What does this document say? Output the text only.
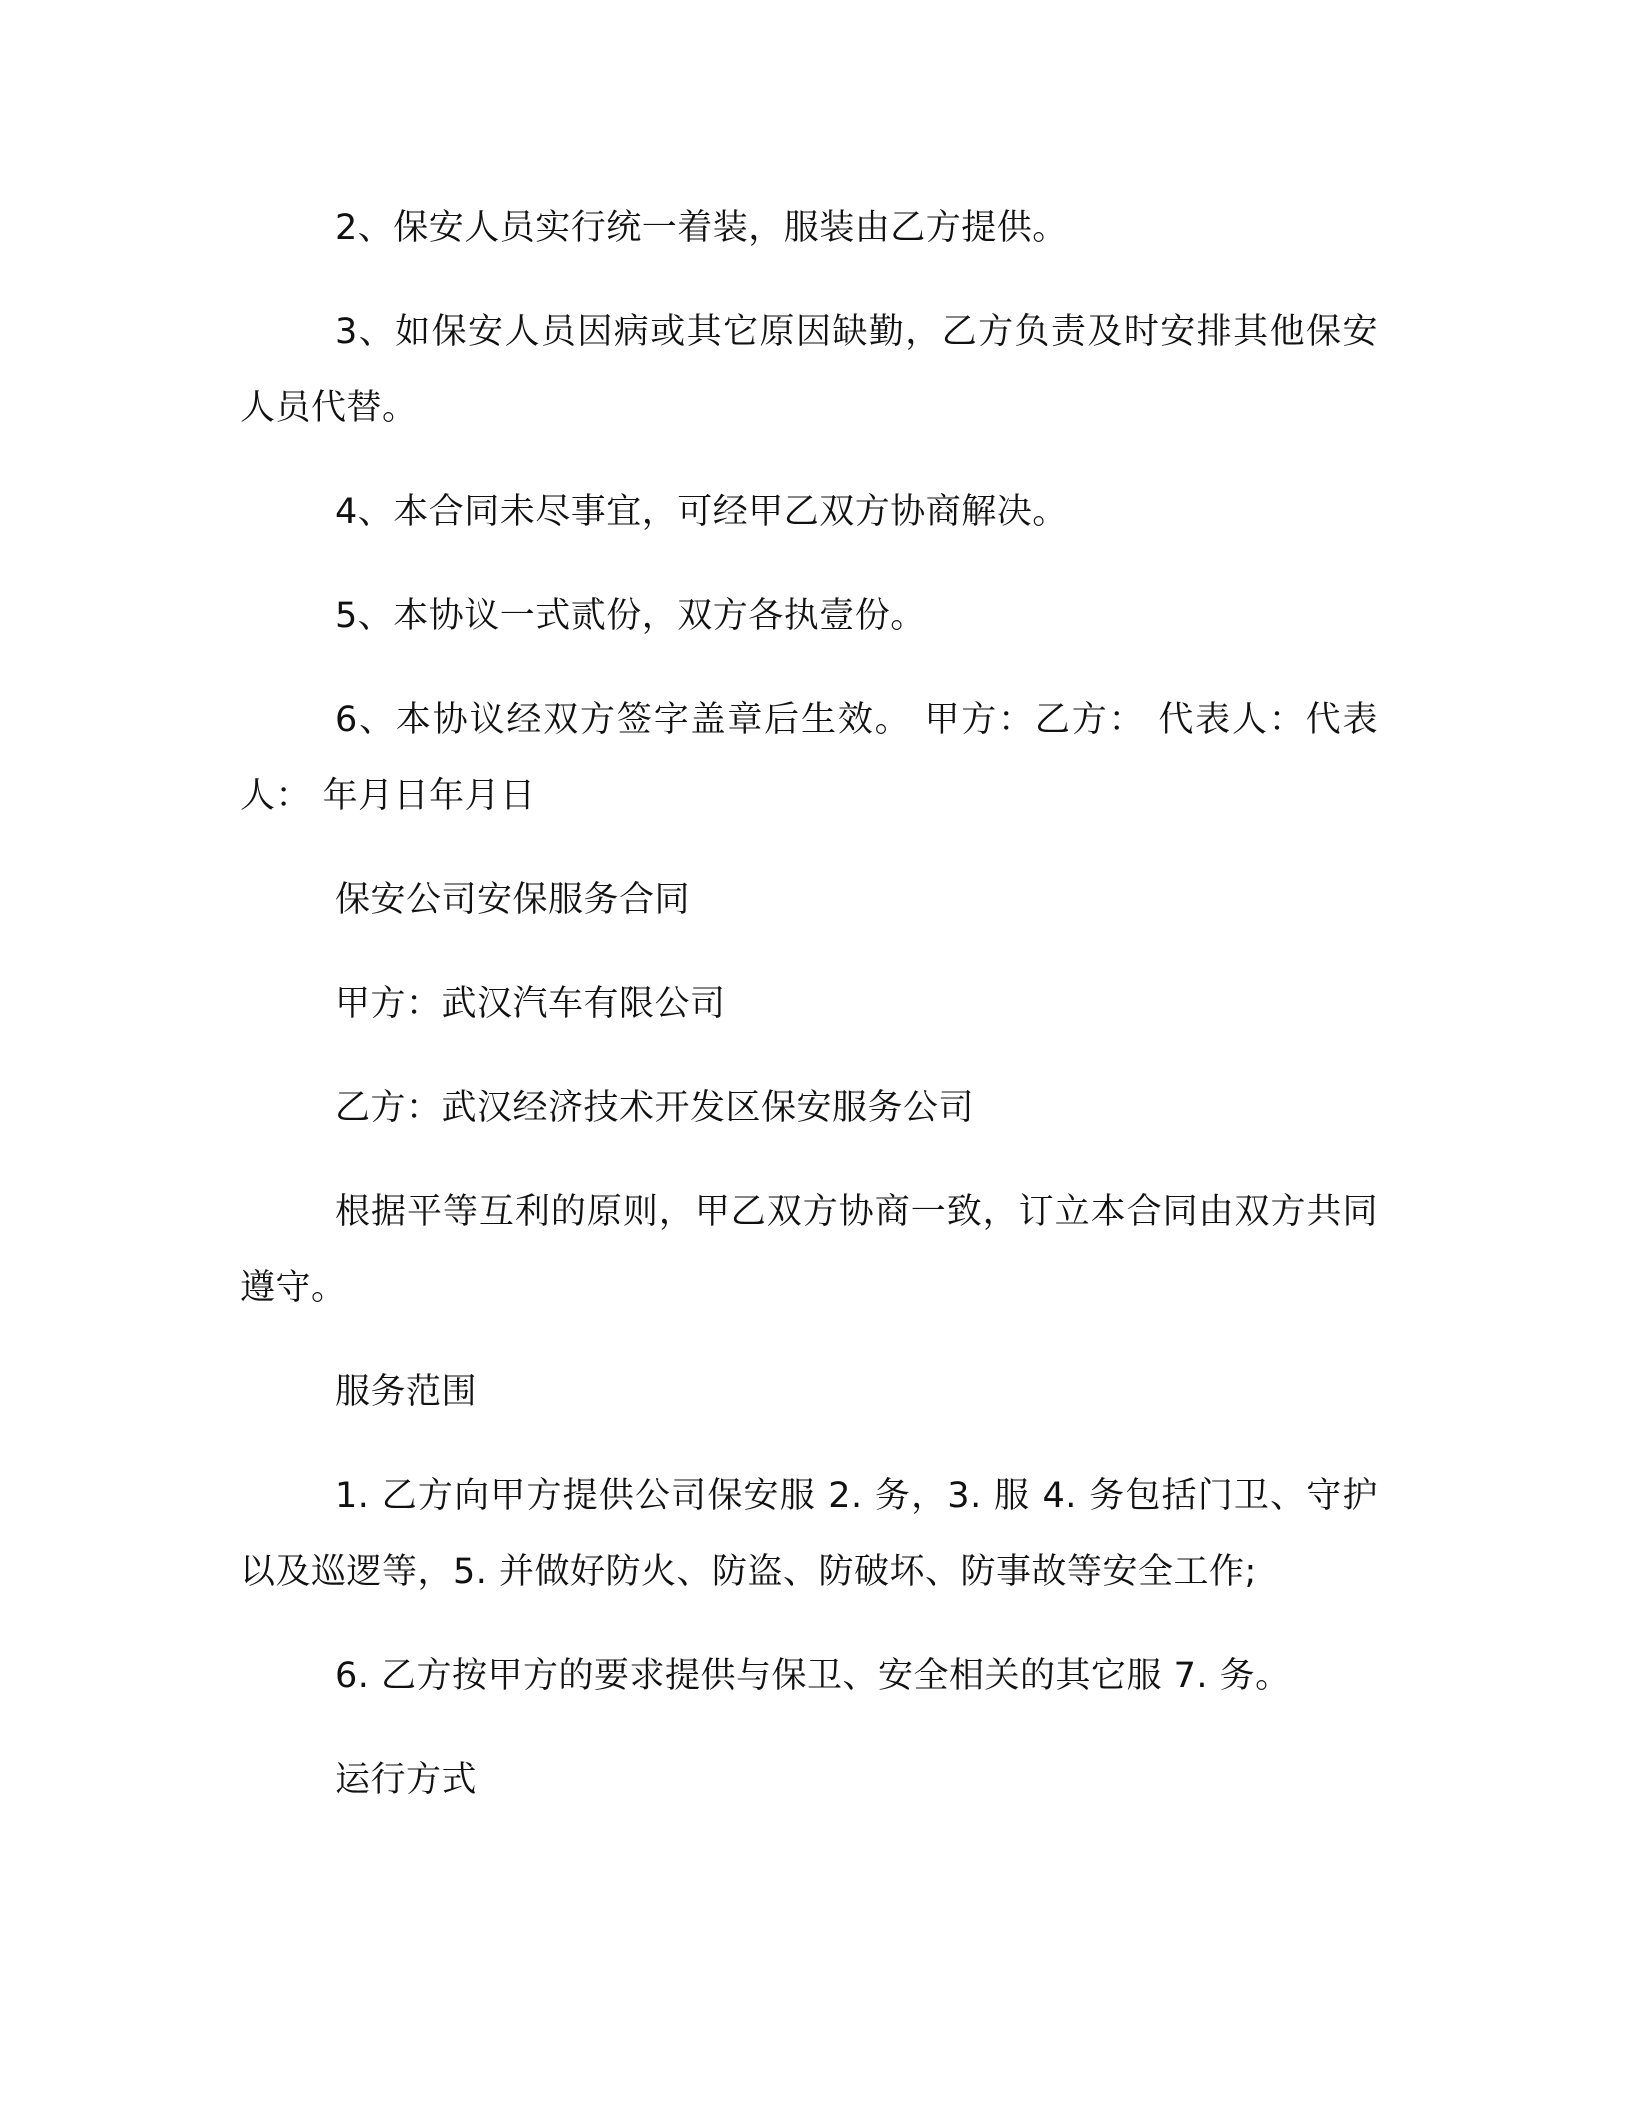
2、保安人员实行统一着装，服装由乙方提供。

3、如保安人员因病或其它原因缺勤，乙方负责及时安排其他保安人员代替。

4、本合同未尽事宜，可经甲乙双方协商解决。

5、本协议一式贰份，双方各执壹份。

6、本协议经双方签字盖章后生效。 甲方：乙方： 代表人：代表人： 年月日年月日

保安公司安保服务合同

甲方：武汉汽车有限公司

乙方：武汉经济技术开发区保安服务公司

根据平等互利的原则，甲乙双方协商一致，订立本合同由双方共同遵守。

服务范围

1. 乙方向甲方提供公司保安服 2. 务，3. 服 4. 务包括门卫、守护以及巡逻等，5. 并做好防火、防盗、防破坏、防事故等安全工作;

6. 乙方按甲方的要求提供与保卫、安全相关的其它服 7. 务。

运行方式
